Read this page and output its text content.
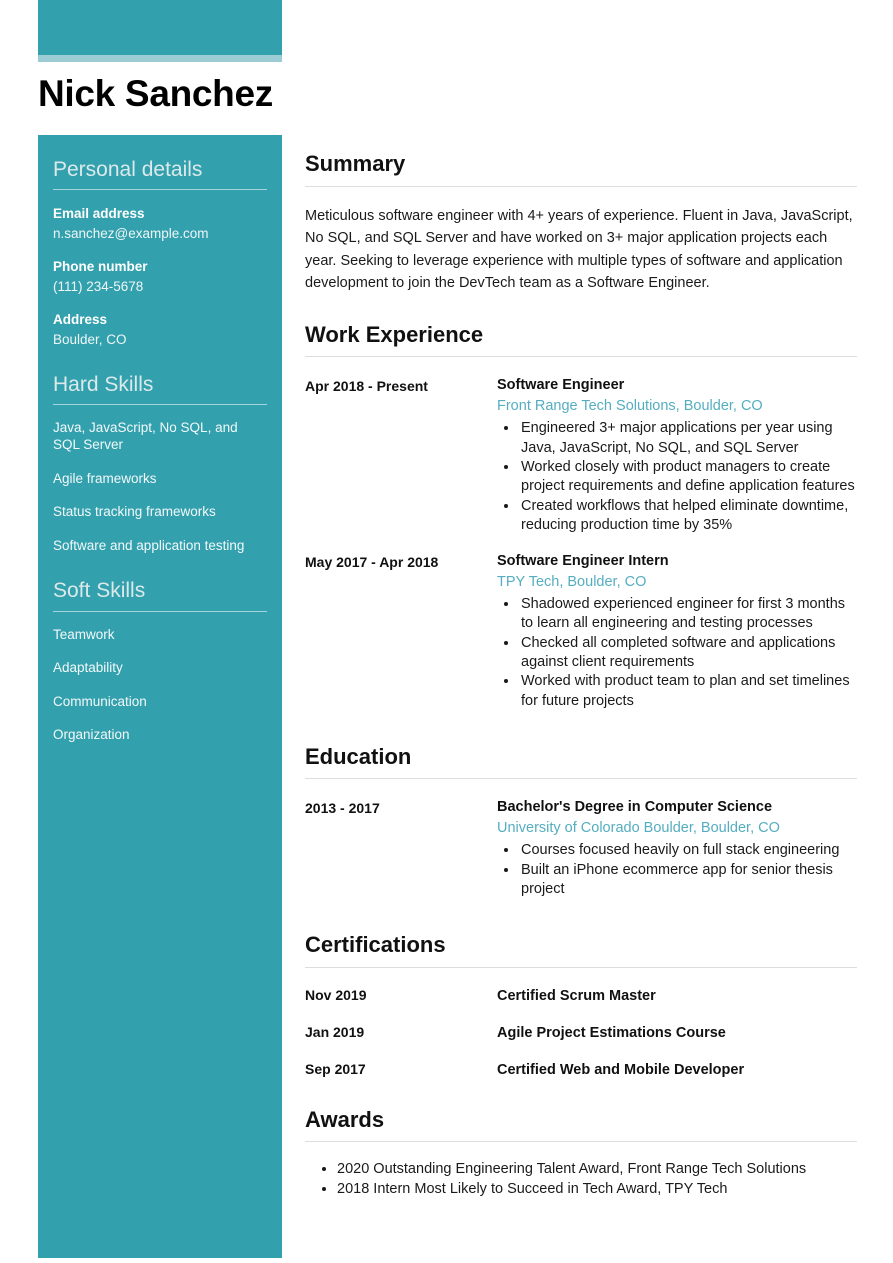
Nick Sanchez
Personal details
Email address
n.sanchez@example.com
Phone number
(111) 234-5678
Address
Boulder, CO
Hard Skills
Java, JavaScript, No SQL, and SQL Server
Agile frameworks
Status tracking frameworks
Software and application testing
Soft Skills
Teamwork
Adaptability
Communication
Organization
Summary
Meticulous software engineer with 4+ years of experience. Fluent in Java, JavaScript, No SQL, and SQL Server and have worked on 3+ major application projects each year. Seeking to leverage experience with multiple types of software and application development to join the DevTech team as a Software Engineer.
Work Experience
Apr 2018 - Present	Software Engineer
Front Range Tech Solutions, Boulder, CO
• Engineered 3+ major applications per year using Java, JavaScript, No SQL, and SQL Server
• Worked closely with product managers to create project requirements and define application features
• Created workflows that helped eliminate downtime, reducing production time by 35%
May 2017 - Apr 2018	Software Engineer Intern
TPY Tech, Boulder, CO
• Shadowed experienced engineer for first 3 months to learn all engineering and testing processes
• Checked all completed software and applications against client requirements
• Worked with product team to plan and set timelines for future projects
Education
2013 - 2017	Bachelor's Degree in Computer Science
University of Colorado Boulder, Boulder, CO
• Courses focused heavily on full stack engineering
• Built an iPhone ecommerce app for senior thesis project
Certifications
Nov 2019	Certified Scrum Master
Jan 2019	Agile Project Estimations Course
Sep 2017	Certified Web and Mobile Developer
Awards
• 2020 Outstanding Engineering Talent Award, Front Range Tech Solutions
• 2018 Intern Most Likely to Succeed in Tech Award, TPY Tech
